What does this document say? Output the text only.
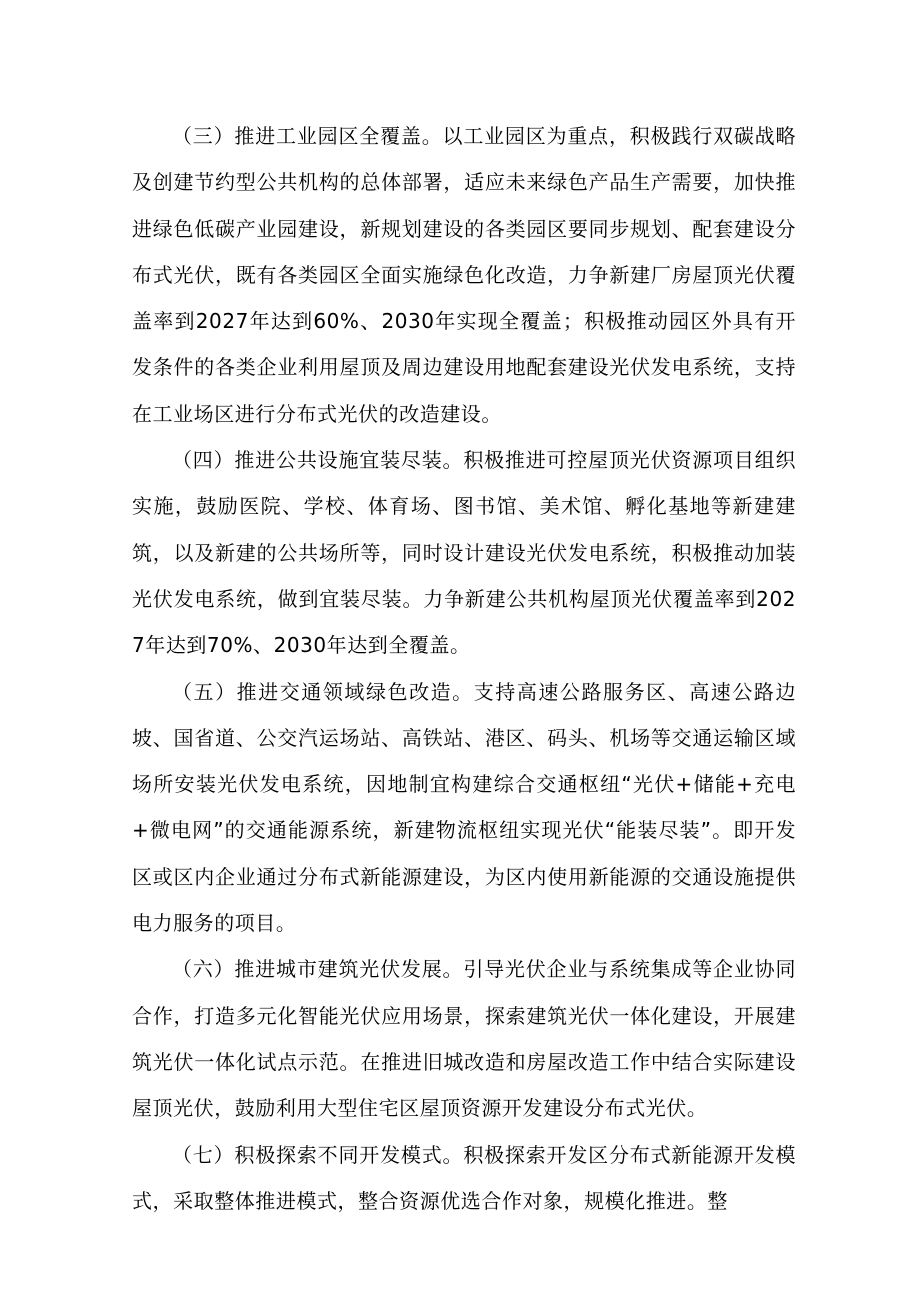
（三）推进工业园区全覆盖。以工业园区为重点，积极践行双碳战略及创建节约型公共机构的总体部署，适应未来绿色产品生产需要，加快推进绿色低碳产业园建设，新规划建设的各类园区要同步规划、配套建设分布式光伏，既有各类园区全面实施绿色化改造，力争新建厂房屋顶光伏覆盖率到2027年达到60%、2030年实现全覆盖；积极推动园区外具有开发条件的各类企业利用屋顶及周边建设用地配套建设光伏发电系统，支持在工业场区进行分布式光伏的改造建设。

（四）推进公共设施宜装尽装。积极推进可控屋顶光伏资源项目组织实施，鼓励医院、学校、体育场、图书馆、美术馆、孵化基地等新建建筑，以及新建的公共场所等，同时设计建设光伏发电系统，积极推动加装光伏发电系统，做到宜装尽装。力争新建公共机构屋顶光伏覆盖率到2027年达到70%、2030年达到全覆盖。

（五）推进交通领域绿色改造。支持高速公路服务区、高速公路边坡、国省道、公交汽运场站、高铁站、港区、码头、机场等交通运输区域场所安装光伏发电系统，因地制宜构建综合交通枢纽“光伏+储能+充电+微电网”的交通能源系统，新建物流枢纽实现光伏“能装尽装”。即开发区或区内企业通过分布式新能源建设，为区内使用新能源的交通设施提供电力服务的项目。

（六）推进城市建筑光伏发展。引导光伏企业与系统集成等企业协同合作，打造多元化智能光伏应用场景，探索建筑光伏一体化建设，开展建筑光伏一体化试点示范。在推进旧城改造和房屋改造工作中结合实际建设屋顶光伏，鼓励利用大型住宅区屋顶资源开发建设分布式光伏。

（七）积极探索不同开发模式。积极探索开发区分布式新能源开发模式，采取整体推进模式，整合资源优选合作对象，规模化推进。整
